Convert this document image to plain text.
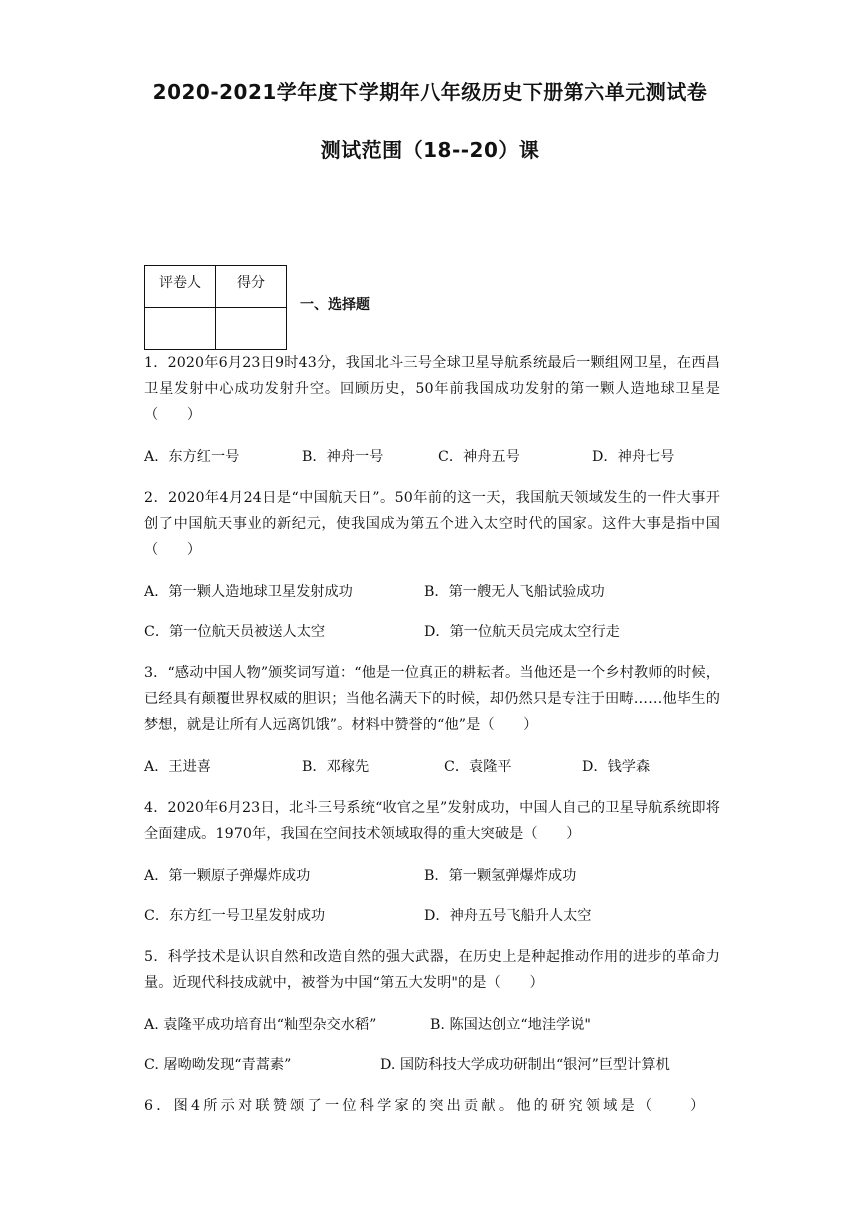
2020-2021学年度下学期年八年级历史下册第六单元测试卷
测试范围（18--20）课
评卷人	得分

一、选择题
1．2020年6月23日9时43分，我国北斗三号全球卫星导航系统最后一颗组网卫星，在西昌卫星发射中心成功发射升空。回顾历史，50年前我国成功发射的第一颗人造地球卫星是（　　）
A．东方红一号	B．神舟一号	C．神舟五号	D．神舟七号
2．2020年4月24日是“中国航天日”。50年前的这一天，我国航天领域发生的一件大事开创了中国航天事业的新纪元，使我国成为第五个进入太空时代的国家。这件大事是指中国（　　）
A．第一颗人造地球卫星发射成功	B．第一艘无人飞船试验成功
C．第一位航天员被送人太空	D．第一位航天员完成太空行走
3．“感动中国人物”颁奖词写道：“他是一位真正的耕耘者。当他还是一个乡村教师的时候，已经具有颠覆世界权威的胆识；当他名满天下的时候，却仍然只是专注于田畴……他毕生的梦想，就是让所有人远离饥饿”。材料中赞誉的“他”是（　　）
A．王进喜	B．邓稼先	C．袁隆平	D．钱学森
4．2020年6月23日，北斗三号系统“收官之星”发射成功，中国人自己的卫星导航系统即将全面建成。1970年，我国在空间技术领域取得的重大突破是（　　）
A．第一颗原子弹爆炸成功	B．第一颗氢弹爆炸成功
C．东方红一号卫星发射成功	D．神舟五号飞船升人太空
5．科学技术是认识自然和改造自然的强大武器，在历史上是种起推动作用的进步的革命力量。近现代科技成就中，被誉为中国“第五大发明"的是（　　）
A. 袁隆平成功培育出“籼型杂交水稻”	B. 陈国达创立“地洼学说"
C. 屠呦呦发现“青蒿素”	D. 国防科技大学成功研制出“银河”巨型计算机
6．图4所示对联赞颂了一位科学家的突出贡献。他的研究领域是（　　）
